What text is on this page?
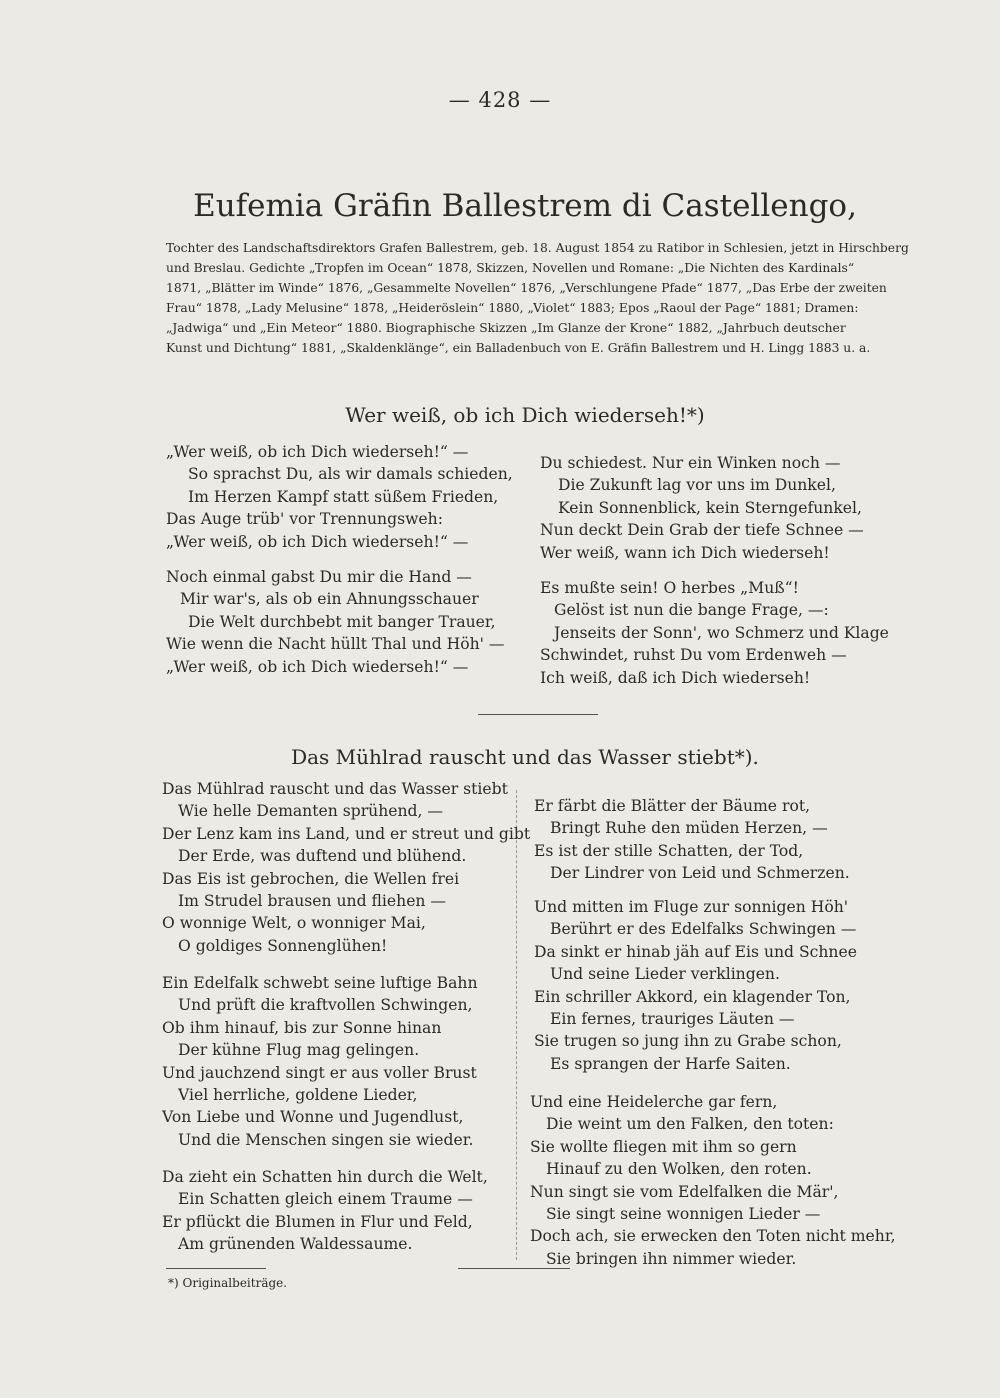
— 428 —
Eufemia Gräfin Ballestrem di Castellengo,
Tochter des Landschaftsdirektors Grafen Ballestrem, geb. 18. August 1854 zu Ratibor in Schlesien, jetzt in Hirschberg
und Breslau. Gedichte „Tropfen im Ocean“ 1878, Skizzen, Novellen und Romane: „Die Nichten des Kardinals“
1871, „Blätter im Winde“ 1876, „Gesammelte Novellen“ 1876, „Verschlungene Pfade“ 1877, „Das Erbe der zweiten
Frau“ 1878, „Lady Melusine“ 1878, „Heideröslein“ 1880, „Violet“ 1883; Epos „Raoul der Page“ 1881; Dramen:
„Jadwiga“ und „Ein Meteor“ 1880. Biographische Skizzen „Im Glanze der Krone“ 1882, „Jahrbuch deutscher
Kunst und Dichtung“ 1881, „Skaldenklänge“, ein Balladenbuch von E. Gräfin Ballestrem und H. Lingg 1883 u. a.
Wer weiß, ob ich Dich wiederseh!*)
„Wer weiß, ob ich Dich wiederseh!“ —
So sprachst Du, als wir damals schieden,
Im Herzen Kampf statt süßem Frieden,
Das Auge trüb' vor Trennungsweh:
„Wer weiß, ob ich Dich wiederseh!“ —
Noch einmal gabst Du mir die Hand —
Mir war's, als ob ein Ahnungsschauer
Die Welt durchbebt mit banger Trauer,
Wie wenn die Nacht hüllt Thal und Höh' —
„Wer weiß, ob ich Dich wiederseh!“ —
Du schiedest. Nur ein Winken noch —
Die Zukunft lag vor uns im Dunkel,
Kein Sonnenblick, kein Sterngefunkel,
Nun deckt Dein Grab der tiefe Schnee —
Wer weiß, wann ich Dich wiederseh!
Es mußte sein! O herbes „Muß“!
Gelöst ist nun die bange Frage, —:
Jenseits der Sonn', wo Schmerz und Klage
Schwindet, ruhst Du vom Erdenweh —
Ich weiß, daß ich Dich wiederseh!
Das Mühlrad rauscht und das Wasser stiebt*).
Das Mühlrad rauscht und das Wasser stiebt
Wie helle Demanten sprühend, —
Der Lenz kam ins Land, und er streut und gibt
Der Erde, was duftend und blühend.
Das Eis ist gebrochen, die Wellen frei
Im Strudel brausen und fliehen —
O wonnige Welt, o wonniger Mai,
O goldiges Sonnenglühen!
Ein Edelfalk schwebt seine luftige Bahn
Und prüft die kraftvollen Schwingen,
Ob ihm hinauf, bis zur Sonne hinan
Der kühne Flug mag gelingen.
Und jauchzend singt er aus voller Brust
Viel herrliche, goldene Lieder,
Von Liebe und Wonne und Jugendlust,
Und die Menschen singen sie wieder.
Da zieht ein Schatten hin durch die Welt,
Ein Schatten gleich einem Traume —
Er pflückt die Blumen in Flur und Feld,
Am grünenden Waldessaume.
Er färbt die Blätter der Bäume rot,
Bringt Ruhe den müden Herzen, —
Es ist der stille Schatten, der Tod,
Der Lindrer von Leid und Schmerzen.
Und mitten im Fluge zur sonnigen Höh'
Berührt er des Edelfalks Schwingen —
Da sinkt er hinab jäh auf Eis und Schnee
Und seine Lieder verklingen.
Ein schriller Akkord, ein klagender Ton,
Ein fernes, trauriges Läuten —
Sie trugen so jung ihn zu Grabe schon,
Es sprangen der Harfe Saiten.
Und eine Heidelerche gar fern,
Die weint um den Falken, den toten:
Sie wollte fliegen mit ihm so gern
Hinauf zu den Wolken, den roten.
Nun singt sie vom Edelfalken die Mär',
Sie singt seine wonnigen Lieder —
Doch ach, sie erwecken den Toten nicht mehr,
Sie bringen ihn nimmer wieder.
*) Originalbeiträge.
